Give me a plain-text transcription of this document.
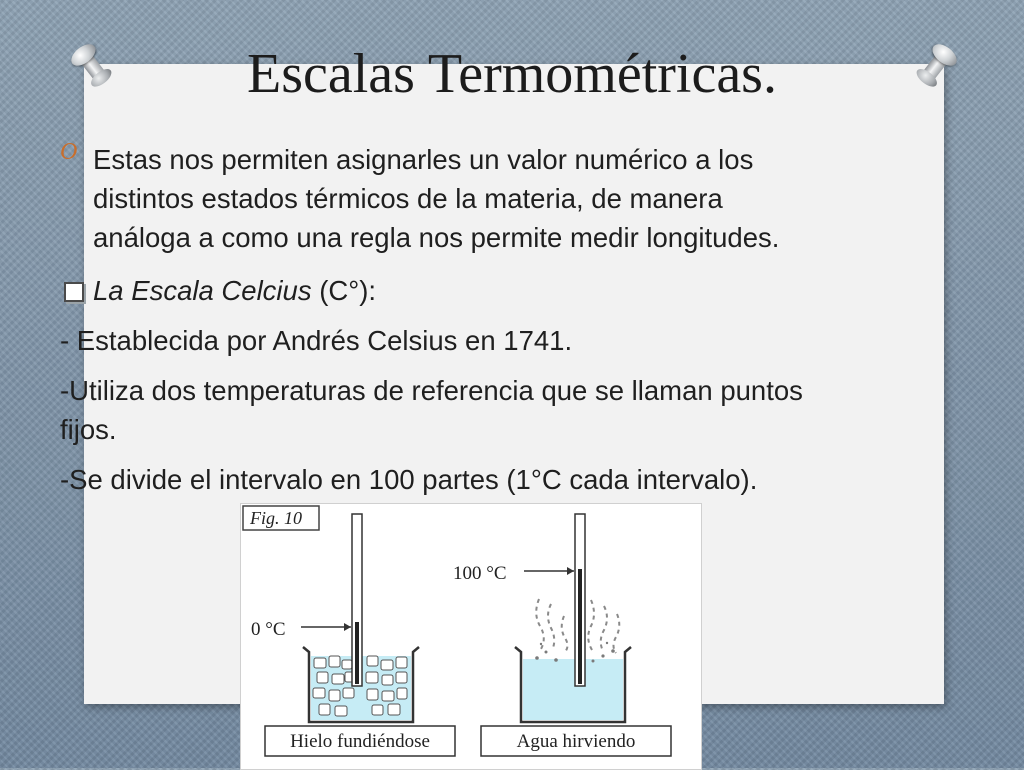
Escalas Termométricas.
O Estas nos permiten asignarles un valor numérico a los

distintos estados térmicos de la materia, de manera

análoga a como una regla nos permite medir longitudes.

La Escala Celcius (C°):

- Establecida por Andrés Celsius en 1741.

-Utiliza dos temperaturas de referencia que se llaman puntos

fijos.

-Se divide el intervalo en 100 partes (1°C cada intervalo).

Fig. 10
0 °C
100 °C
Hielo fundiéndose	Agua hirviendo
